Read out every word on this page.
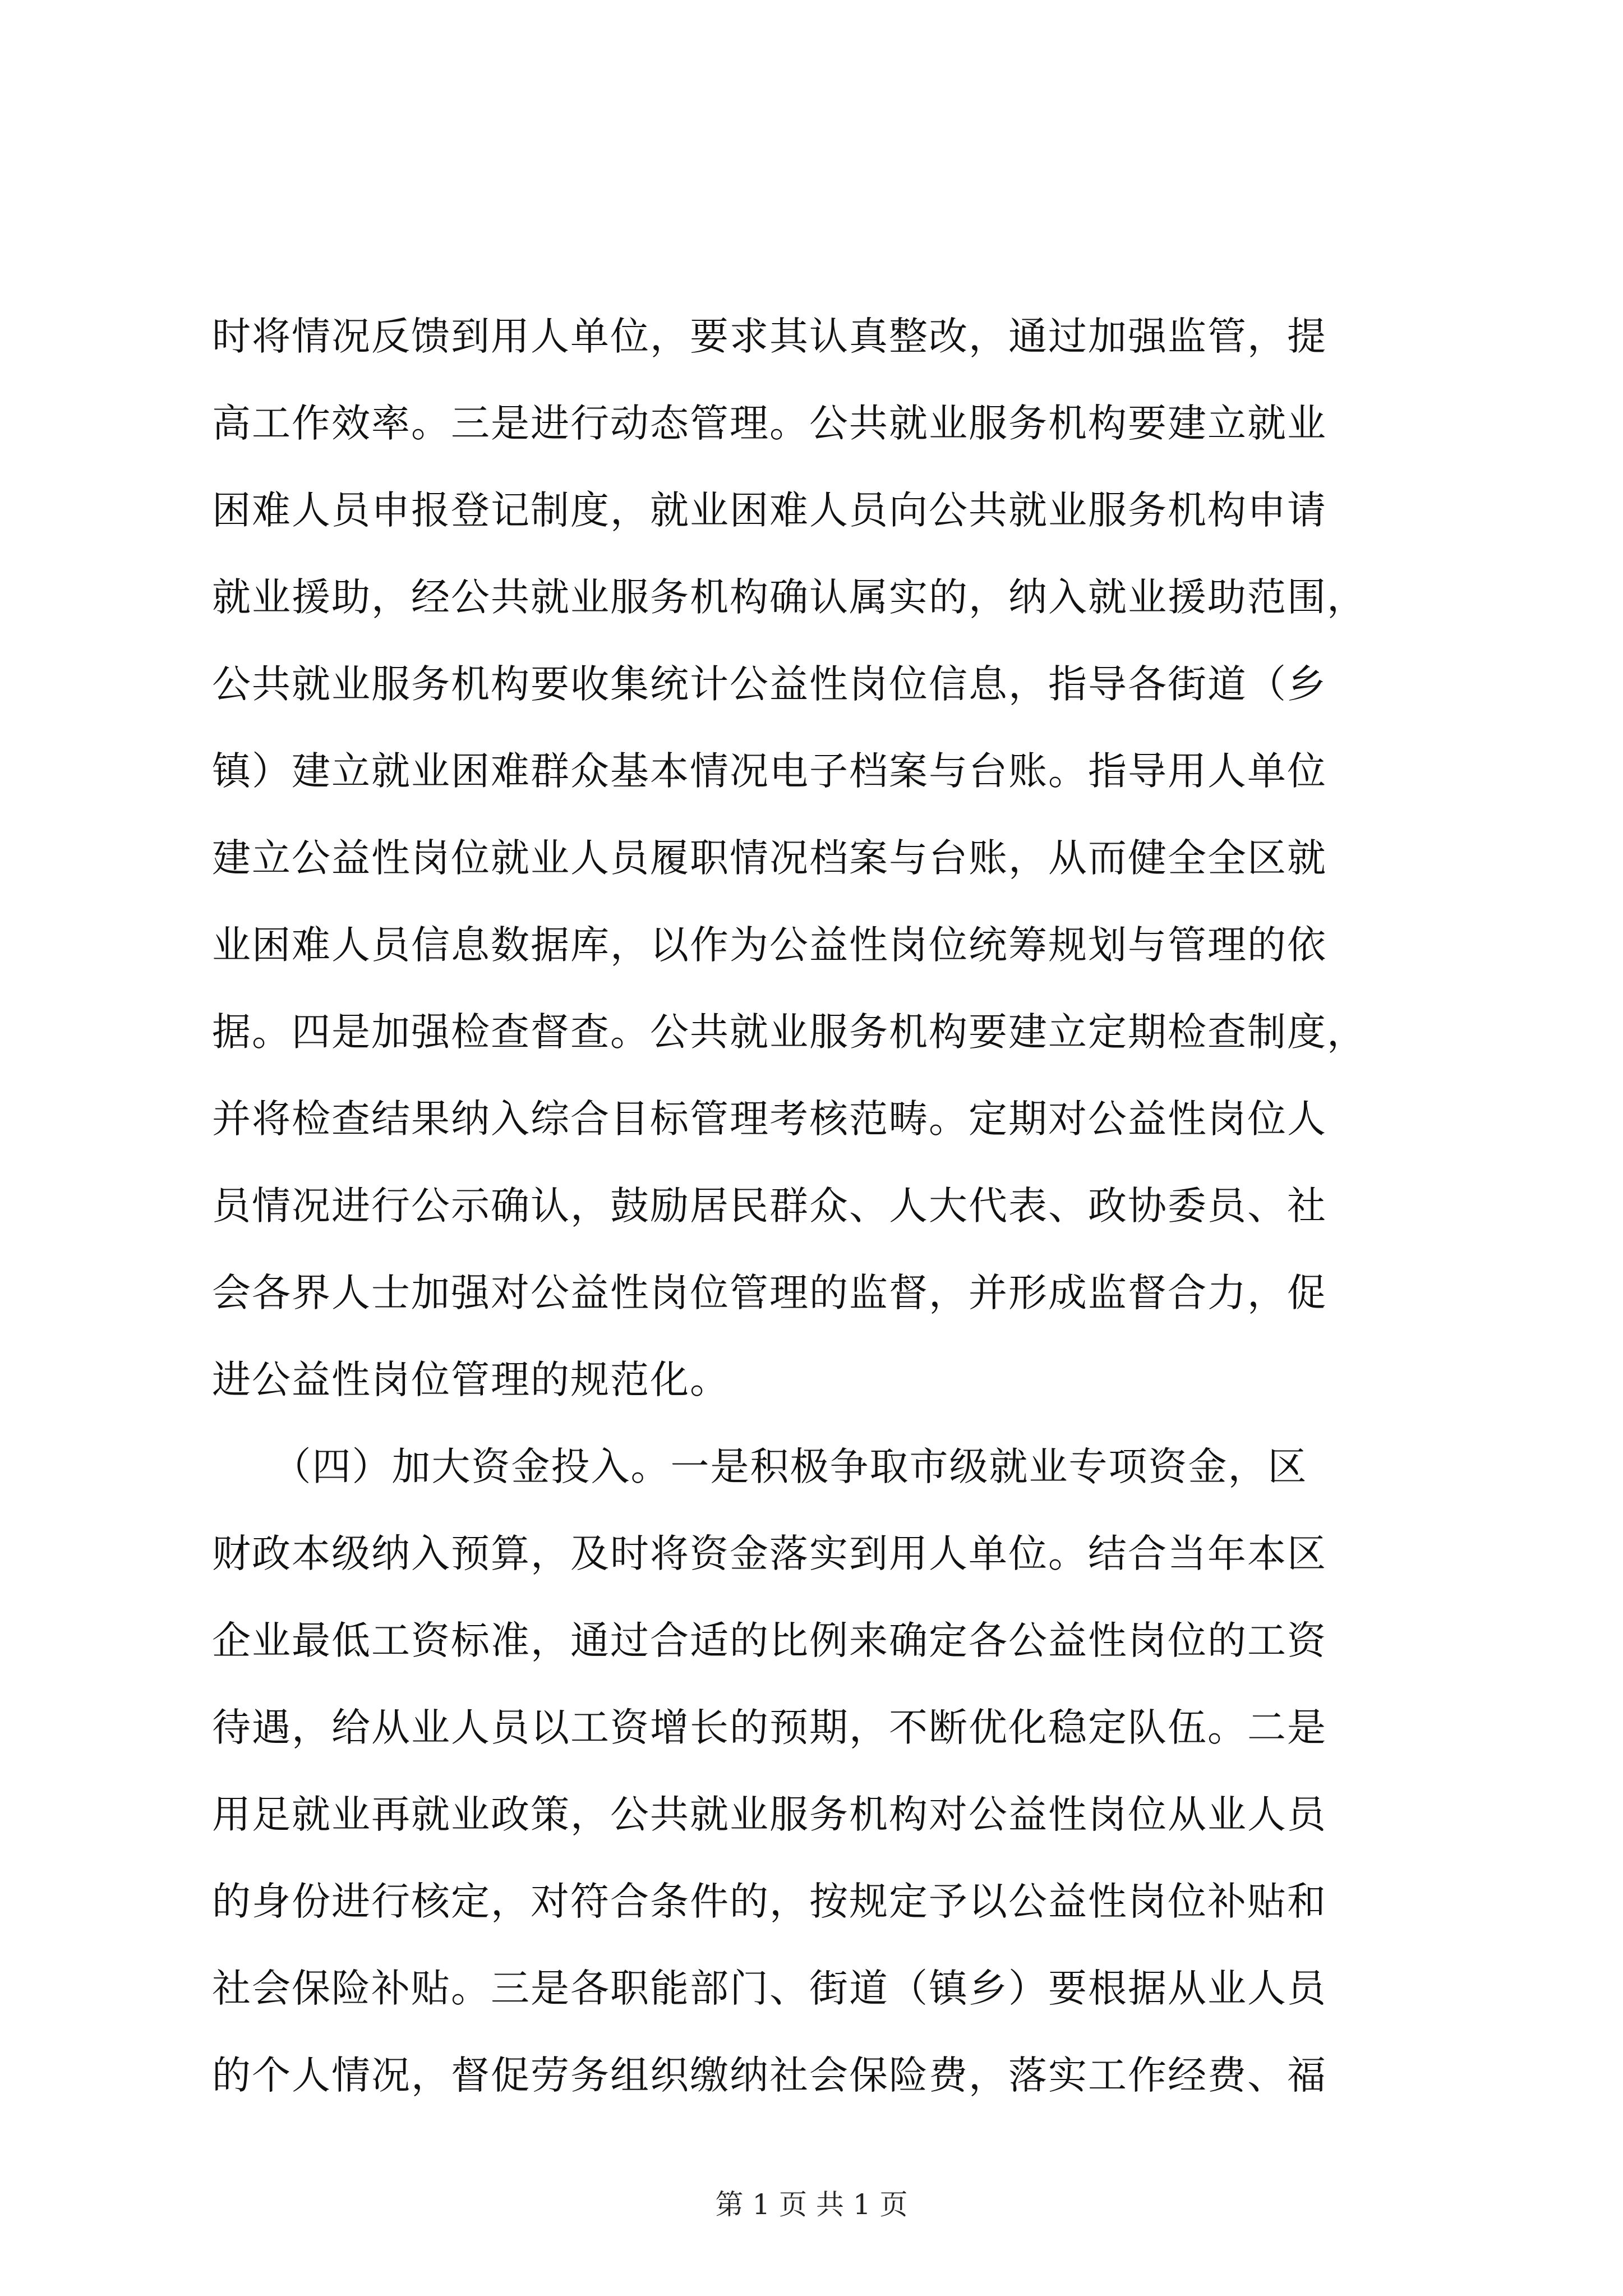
时将情况反馈到用人单位，要求其认真整改，通过加强监管，提
高工作效率。三是进行动态管理。公共就业服务机构要建立就业
困难人员申报登记制度，就业困难人员向公共就业服务机构申请
就业援助，经公共就业服务机构确认属实的，纳入就业援助范围，
公共就业服务机构要收集统计公益性岗位信息，指导各街道（乡
镇）建立就业困难群众基本情况电子档案与台账。指导用人单位
建立公益性岗位就业人员履职情况档案与台账，从而健全全区就
业困难人员信息数据库，以作为公益性岗位统筹规划与管理的依
据。四是加强检查督查。公共就业服务机构要建立定期检查制度，
并将检查结果纳入综合目标管理考核范畴。定期对公益性岗位人
员情况进行公示确认，鼓励居民群众、人大代表、政协委员、社
会各界人士加强对公益性岗位管理的监督，并形成监督合力，促
进公益性岗位管理的规范化。
　　（四）加大资金投入。一是积极争取市级就业专项资金，区
财政本级纳入预算，及时将资金落实到用人单位。结合当年本区
企业最低工资标准，通过合适的比例来确定各公益性岗位的工资
待遇，给从业人员以工资增长的预期，不断优化稳定队伍。二是
用足就业再就业政策，公共就业服务机构对公益性岗位从业人员
的身份进行核定，对符合条件的，按规定予以公益性岗位补贴和
社会保险补贴。三是各职能部门、街道（镇乡）要根据从业人员
的个人情况，督促劳务组织缴纳社会保险费，落实工作经费、福
第 1 页 共 1 页
